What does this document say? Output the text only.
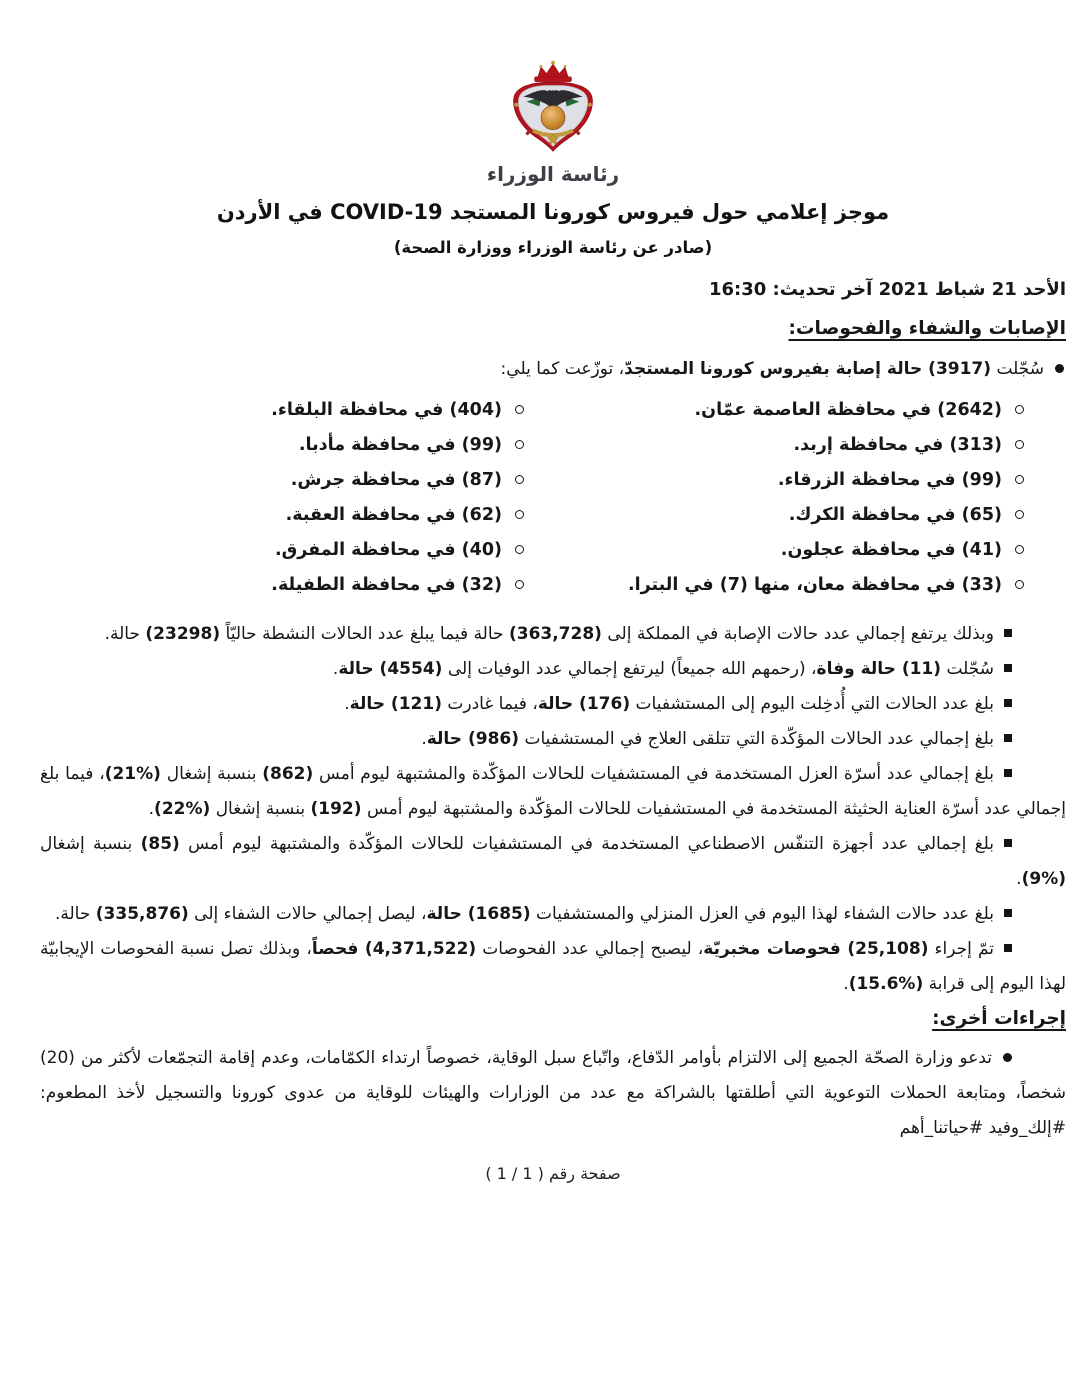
رئاسة الوزراء
موجز إعلامي حول فيروس كورونا المستجد ⁦COVID-19⁩ في الأردن
(صادر عن رئاسة الوزراء ووزارة الصحة)
الأحد 21 شباط 2021 آخر تحديث: 16:30
الإصابات والشفاء والفحوصات:
سُجّلت (3917) حالة إصابة بفيروس كورونا المستجدّ، توزّعت كما يلي:
(2642) في محافظة العاصمة عمّان.
(404) في محافظة البلقاء.
(313) في محافظة إربد.
(99) في محافظة مأدبا.
(99) في محافظة الزرقاء.
(87) في محافظة جرش.
(65) في محافظة الكرك.
(62) في محافظة العقبة.
(41) في محافظة عجلون.
(40) في محافظة المفرق.
(33) في محافظة معان، منها (7) في البترا.
(32) في محافظة الطفيلة.
وبذلك يرتفع إجمالي عدد حالات الإصابة في المملكة إلى (363,728) حالة فيما يبلغ عدد الحالات النشطة حاليّاً (23298) حالة.
سُجّلت (11) حالة وفاة، (رحمهم الله جميعاً) ليرتفع إجمالي عدد الوفيات إلى (4554) حالة.
بلغ عدد الحالات التي أُدخِلت اليوم إلى المستشفيات (176) حالة، فيما غادرت (121) حالة.
بلغ إجمالي عدد الحالات المؤكّدة التي تتلقى العلاج في المستشفيات (986) حالة.
بلغ إجمالي عدد أسرّة العزل المستخدمة في المستشفيات للحالات المؤكّدة والمشتبهة ليوم أمس (862) بنسبة إشغال (%21)، فيما بلغ إجمالي عدد أسرّة العناية الحثيثة المستخدمة في المستشفيات للحالات المؤكّدة والمشتبهة ليوم أمس (192) بنسبة إشغال (%22).
بلغ إجمالي عدد أجهزة التنفّس الاصطناعي المستخدمة في المستشفيات للحالات المؤكّدة والمشتبهة ليوم أمس (85) بنسبة إشغال (%9).
بلغ عدد حالات الشفاء لهذا اليوم في العزل المنزلي والمستشفيات (1685) حالة، ليصل إجمالي حالات الشفاء إلى (335,876) حالة.
تمّ إجراء (25,108) فحوصات مخبريّة، ليصبح إجمالي عدد الفحوصات (4,371,522) فحصاً، وبذلك تصل نسبة الفحوصات الإيجابيّة لهذا اليوم إلى قرابة (%15.6).
إجراءات أخرى:
تدعو وزارة الصحّة الجميع إلى الالتزام بأوامر الدّفاع، واتّباع سبل الوقاية، خصوصاً ارتداء الكمّامات، وعدم إقامة التجمّعات لأكثر من (20) شخصاً، ومتابعة الحملات التوعوية التي أطلقتها بالشراكة مع عدد من الوزارات والهيئات للوقاية من عدوى كورونا والتسجيل لأخذ المطعوم: #إلك_وفيد #حياتنا_أهم
صفحة رقم ( 1 / 1 )
